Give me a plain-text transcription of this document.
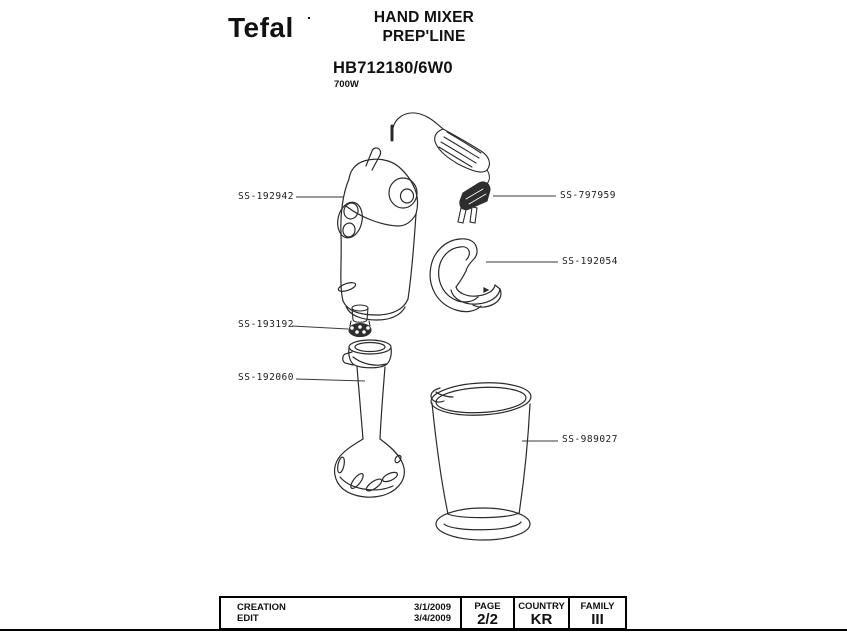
Tefal	HAND MIXER
PREP'LINE
HB712180/6W0
700W
SS-192942	SS-797959
SS-192054
SS-193192
SS-192060
SS-989027
CREATION	3/1/2009
EDIT	3/4/2009
PAGE
2/2
COUNTRY
KR
FAMILY
III
